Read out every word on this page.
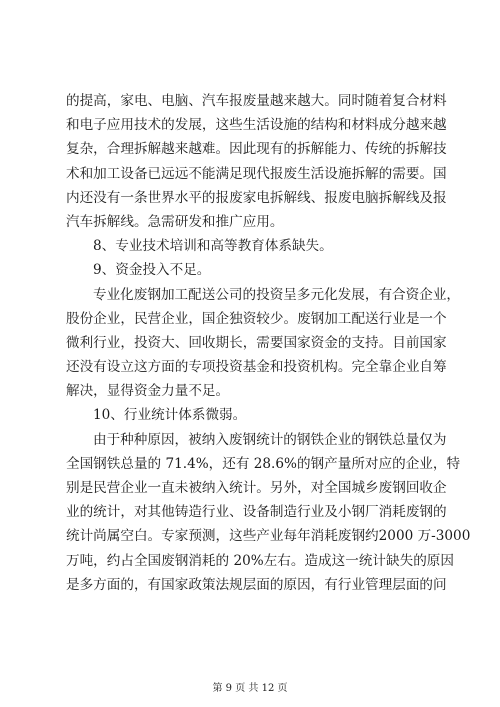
的提高，家电、电脑、汽车报废量越来越大。同时随着复合材料
和电子应用技术的发展，这些生活设施的结构和材料成分越来越
复杂，合理拆解越来越难。因此现有的拆解能力、传统的拆解技
术和加工设备已远远不能满足现代报废生活设施拆解的需要。国
内还没有一条世界水平的报废家电拆解线、报废电脑拆解线及报
汽车拆解线。急需研发和推广应用。
8、专业技术培训和高等教育体系缺失。
9、资金投入不足。
专业化废钢加工配送公司的投资呈多元化发展，有合资企业，
股份企业，民营企业，国企独资较少。废钢加工配送行业是一个
微利行业，投资大、回收期长，需要国家资金的支持。目前国家
还没有设立这方面的专项投资基金和投资机构。完全靠企业自筹
解决，显得资金力量不足。
10、行业统计体系微弱。
由于种种原因，被纳入废钢统计的钢铁企业的钢铁总量仅为
全国钢铁总量的 71.4%，还有 28.6%的钢产量所对应的企业，特
别是民营企业一直未被纳入统计。另外，对全国城乡废钢回收企
业的统计，对其他铸造行业、设备制造行业及小钢厂消耗废钢的
统计尚属空白。专家预测，这些产业每年消耗废钢约2000 万-3000
万吨，约占全国废钢消耗的 20%左右。造成这一统计缺失的原因
是多方面的，有国家政策法规层面的原因，有行业管理层面的问
第 9 页 共 12 页
